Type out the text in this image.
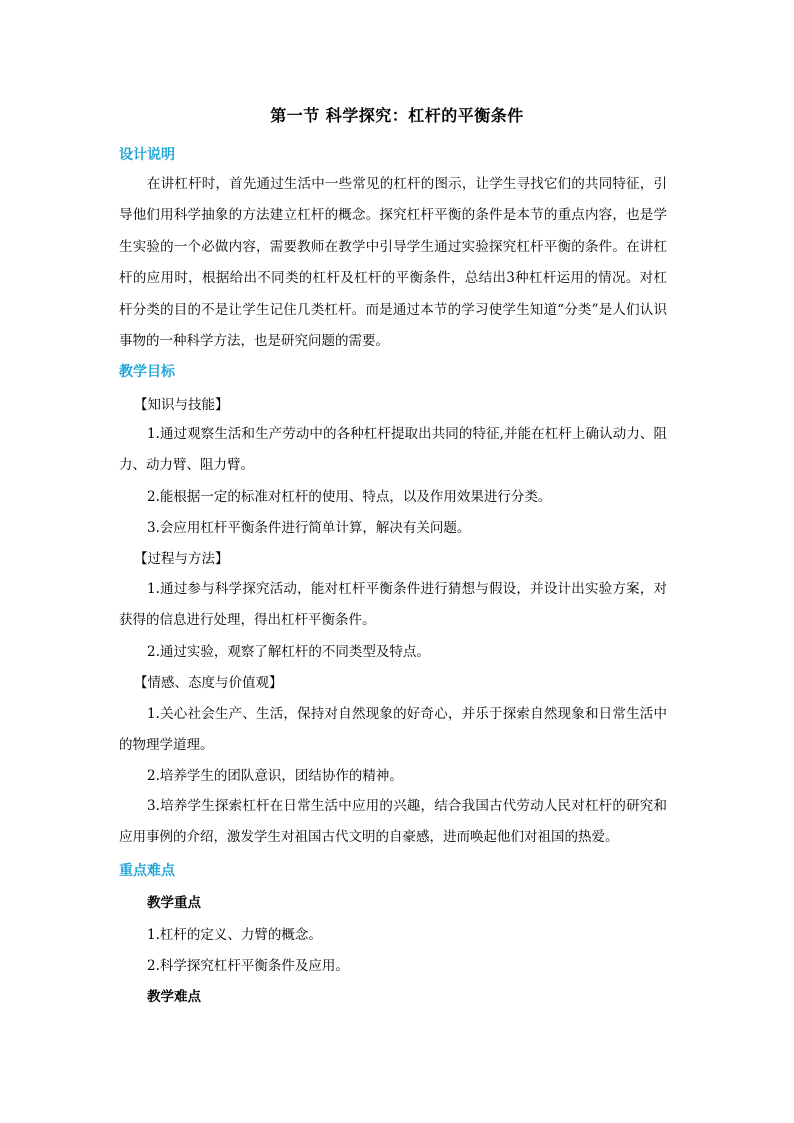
第一节 科学探究：杠杆的平衡条件
设计说明
在讲杠杆时，首先通过生活中一些常见的杠杆的图示，让学生寻找它们的共同特征，引导他们用科学抽象的方法建立杠杆的概念。探究杠杆平衡的条件是本节的重点内容，也是学生实验的一个必做内容，需要教师在教学中引导学生通过实验探究杠杆平衡的条件。在讲杠杆的应用时，根据给出不同类的杠杆及杠杆的平衡条件，总结出3种杠杆运用的情况。对杠杆分类的目的不是让学生记住几类杠杆。而是通过本节的学习使学生知道“分类”是人们认识事物的一种科学方法，也是研究问题的需要。
教学目标
【知识与技能】
1.通过观察生活和生产劳动中的各种杠杆提取出共同的特征,并能在杠杆上确认动力、阻力、动力臂、阻力臂。
2.能根据一定的标准对杠杆的使用、特点，以及作用效果进行分类。
3.会应用杠杆平衡条件进行简单计算，解决有关问题。
【过程与方法】
1.通过参与科学探究活动，能对杠杆平衡条件进行猜想与假设，并设计出实验方案，对获得的信息进行处理，得出杠杆平衡条件。
2.通过实验，观察了解杠杆的不同类型及特点。
【情感、态度与价值观】
1.关心社会生产、生活，保持对自然现象的好奇心，并乐于探索自然现象和日常生活中的物理学道理。
2.培养学生的团队意识，团结协作的精神。
3.培养学生探索杠杆在日常生活中应用的兴趣，结合我国古代劳动人民对杠杆的研究和应用事例的介绍，激发学生对祖国古代文明的自豪感，进而唤起他们对祖国的热爱。
重点难点
教学重点
1.杠杆的定义、力臂的概念。
2.科学探究杠杆平衡条件及应用。
教学难点
